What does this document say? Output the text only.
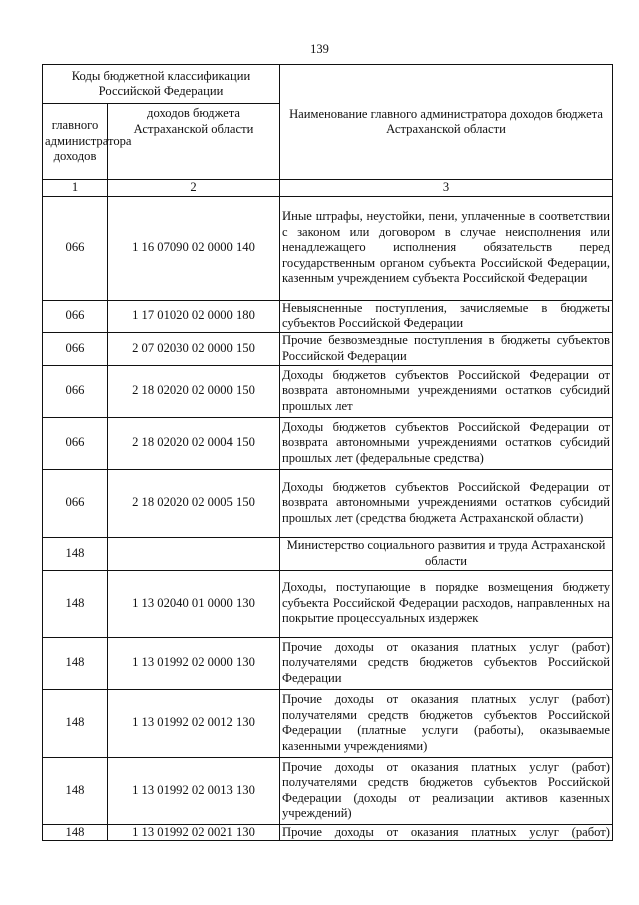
139
Коды бюджетной классификации Российской Федерации		Наименование главного администратора доходов бюджета Астраханской области
главного администратора доходов	доходов бюджета Астраханской области	
1	2	3
066	1 16 07090 02 0000 140	Иные штрафы, неустойки, пени, уплаченные в соответствии с законом или договором в случае неисполнения или ненадлежащего исполнения обязательств перед государственным органом субъекта Российской Федерации, казенным учреждением субъекта Российской Федерации
066	1 17 01020 02 0000 180	Невыясненные поступления, зачисляемые в бюджеты субъектов Российской Федерации
066	2 07 02030 02 0000 150	Прочие безвозмездные поступления в бюджеты субъектов Российской Федерации
066	2 18 02020 02 0000 150	Доходы бюджетов субъектов Российской Федерации от возврата автономными учреждениями остатков субсидий прошлых лет
066	2 18 02020 02 0004 150	Доходы бюджетов субъектов Российской Федерации от возврата автономными учреждениями остатков субсидий прошлых лет (федеральные средства)
066	2 18 02020 02 0005 150	Доходы бюджетов субъектов Российской Федерации от возврата автономными учреждениями остатков субсидий прошлых лет (средства бюджета Астраханской области)
148		Министерство социального развития и труда Астраханской области
148	1 13 02040 01 0000 130	Доходы, поступающие в порядке возмещения бюджету субъекта Российской Федерации расходов, направленных на покрытие процессуальных издержек
148	1 13 01992 02 0000 130	Прочие доходы от оказания платных услуг (работ) получателями средств бюджетов субъектов Российской Федерации
148	1 13 01992 02 0012 130	Прочие доходы от оказания платных услуг (работ) получателями средств бюджетов субъектов Российской Федерации (платные услуги (работы), оказываемые казенными учреждениями)
148	1 13 01992 02 0013 130	Прочие доходы от оказания платных услуг (работ) получателями средств бюджетов субъектов Российской Федерации (доходы от реализации активов казенных учреждений)
148	1 13 01992 02 0021 130	Прочие доходы от оказания платных услуг (работ)
